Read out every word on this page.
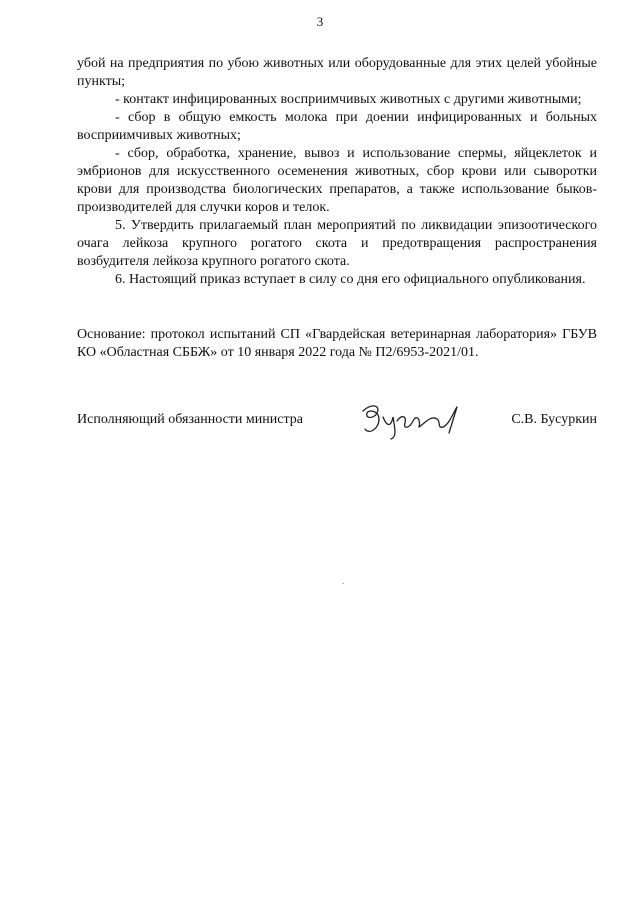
3

убой на предприятия по убою животных или оборудованные для этих целей убойные пункты;

- контакт инфицированных восприимчивых животных с другими животными;

- сбор в общую емкость молока при доении инфицированных и больных восприимчивых животных;

- сбор, обработка, хранение, вывоз и использование спермы, яйцеклеток и эмбрионов для искусственного осеменения животных, сбор крови или сыворотки крови для производства биологических препаратов, а также использование быков-производителей для случки коров и телок.

5. Утвердить прилагаемый план мероприятий по ликвидации эпизоотического очага лейкоза крупного рогатого скота и предотвращения распространения возбудителя лейкоза крупного рогатого скота.

6. Настоящий приказ вступает в силу со дня его официального опубликования.

Основание: протокол испытаний СП «Гвардейская ветеринарная лаборатория» ГБУВ КО «Областная СББЖ» от 10 января 2022 года № П2/6953-2021/01.
Исполняющий обязанности министра	С.В. Бусуркин
